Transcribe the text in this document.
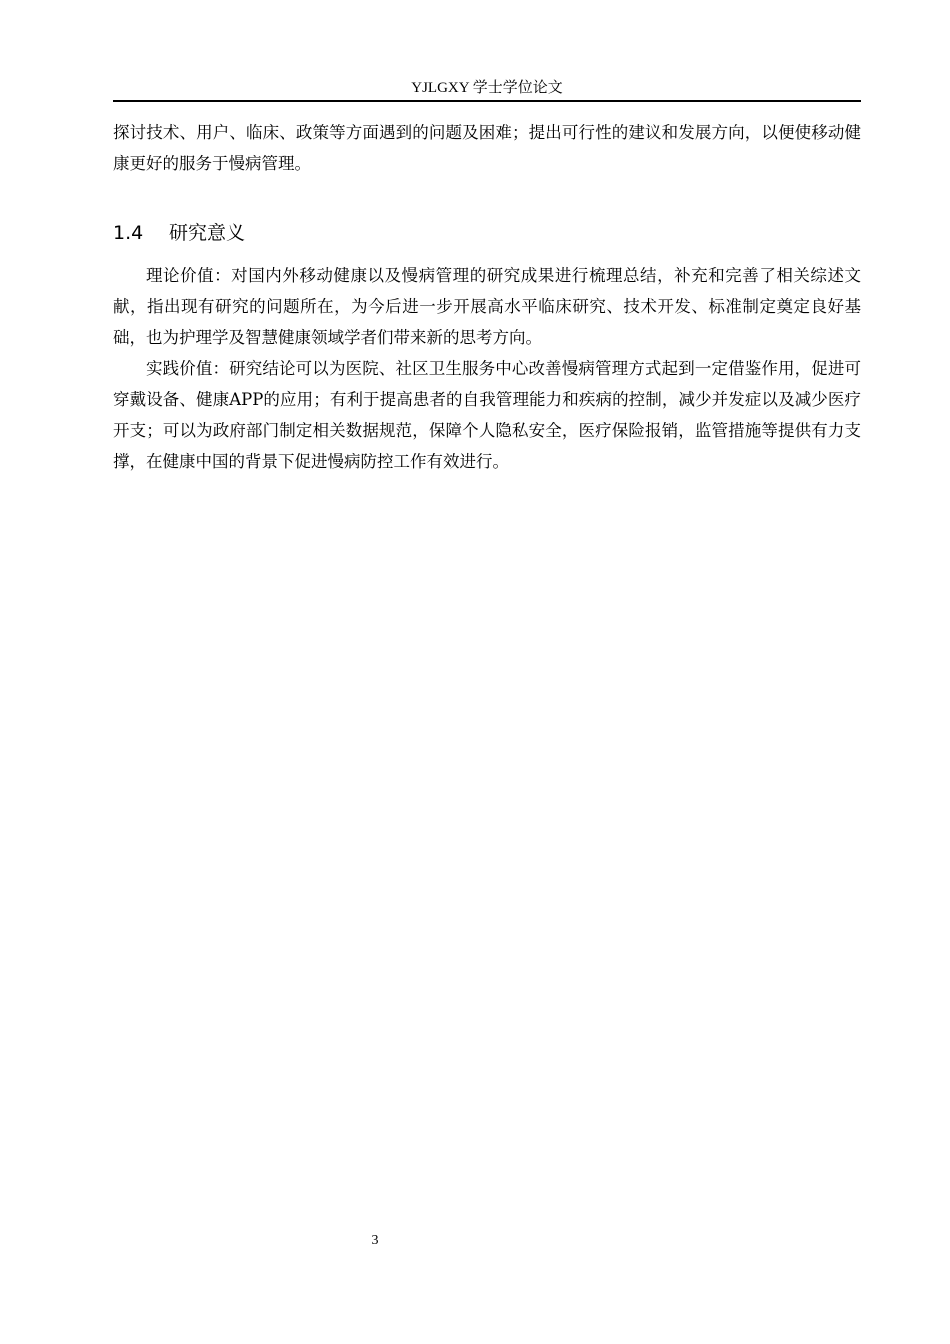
YJLGXY 学士学位论文

探讨技术、用户、临床、政策等方面遇到的问题及困难；提出可行性的建议和发展方向，以便使移动健康更好的服务于慢病管理。

1.4 研究意义

理论价值：对国内外移动健康以及慢病管理的研究成果进行梳理总结，补充和完善了相关综述文献，指出现有研究的问题所在，为今后进一步开展高水平临床研究、技术开发、标准制定奠定良好基础，也为护理学及智慧健康领域学者们带来新的思考方向。

实践价值：研究结论可以为医院、社区卫生服务中心改善慢病管理方式起到一定借鉴作用，促进可穿戴设备、健康APP的应用；有利于提高患者的自我管理能力和疾病的控制，减少并发症以及减少医疗开支；可以为政府部门制定相关数据规范，保障个人隐私安全，医疗保险报销，监管措施等提供有力支撑，在健康中国的背景下促进慢病防控工作有效进行。

3
